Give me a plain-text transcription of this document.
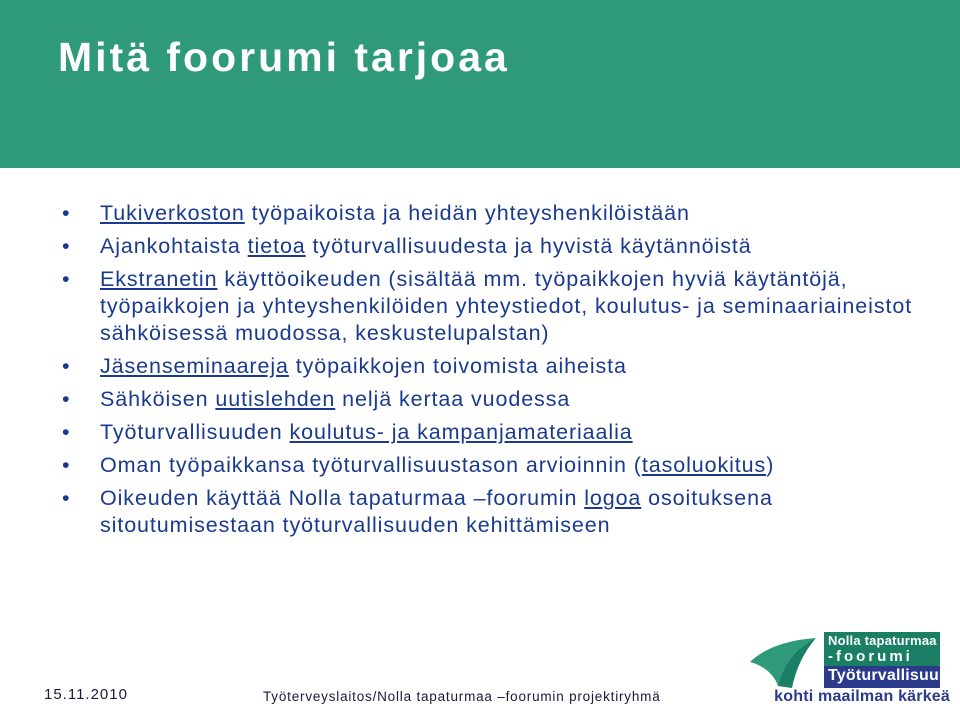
Mitä foorumi tarjoaa
• Tukiverkoston työpaikoista ja heidän yhteyshenkilöistään
• Ajankohtaista tietoa työturvallisuudesta ja hyvistä käytännöistä
• Ekstranetin käyttöoikeuden (sisältää mm. työpaikkojen hyviä käytäntöjä, työpaikkojen ja yhteyshenkilöiden yhteystiedot, koulutus- ja seminaariaineistot sähköisessä muodossa, keskustelupalstan)
• Jäsenseminaareja työpaikkojen toivomista aiheista
• Sähköisen uutislehden neljä kertaa vuodessa
• Työturvallisuuden koulutus- ja kampanjamateriaalia
• Oman työpaikkansa työturvallisuustason arvioinnin (tasoluokitus)
• Oikeuden käyttää Nolla tapaturmaa –foorumin logoa osoituksena sitoutumisestaan työturvallisuuden kehittämiseen
15.11.2010	Työterveyslaitos/Nolla tapaturmaa –foorumin projektiryhmä
Nolla tapaturmaa
-foorumi
Työturvallisuus
kohti maailman kärkeä
